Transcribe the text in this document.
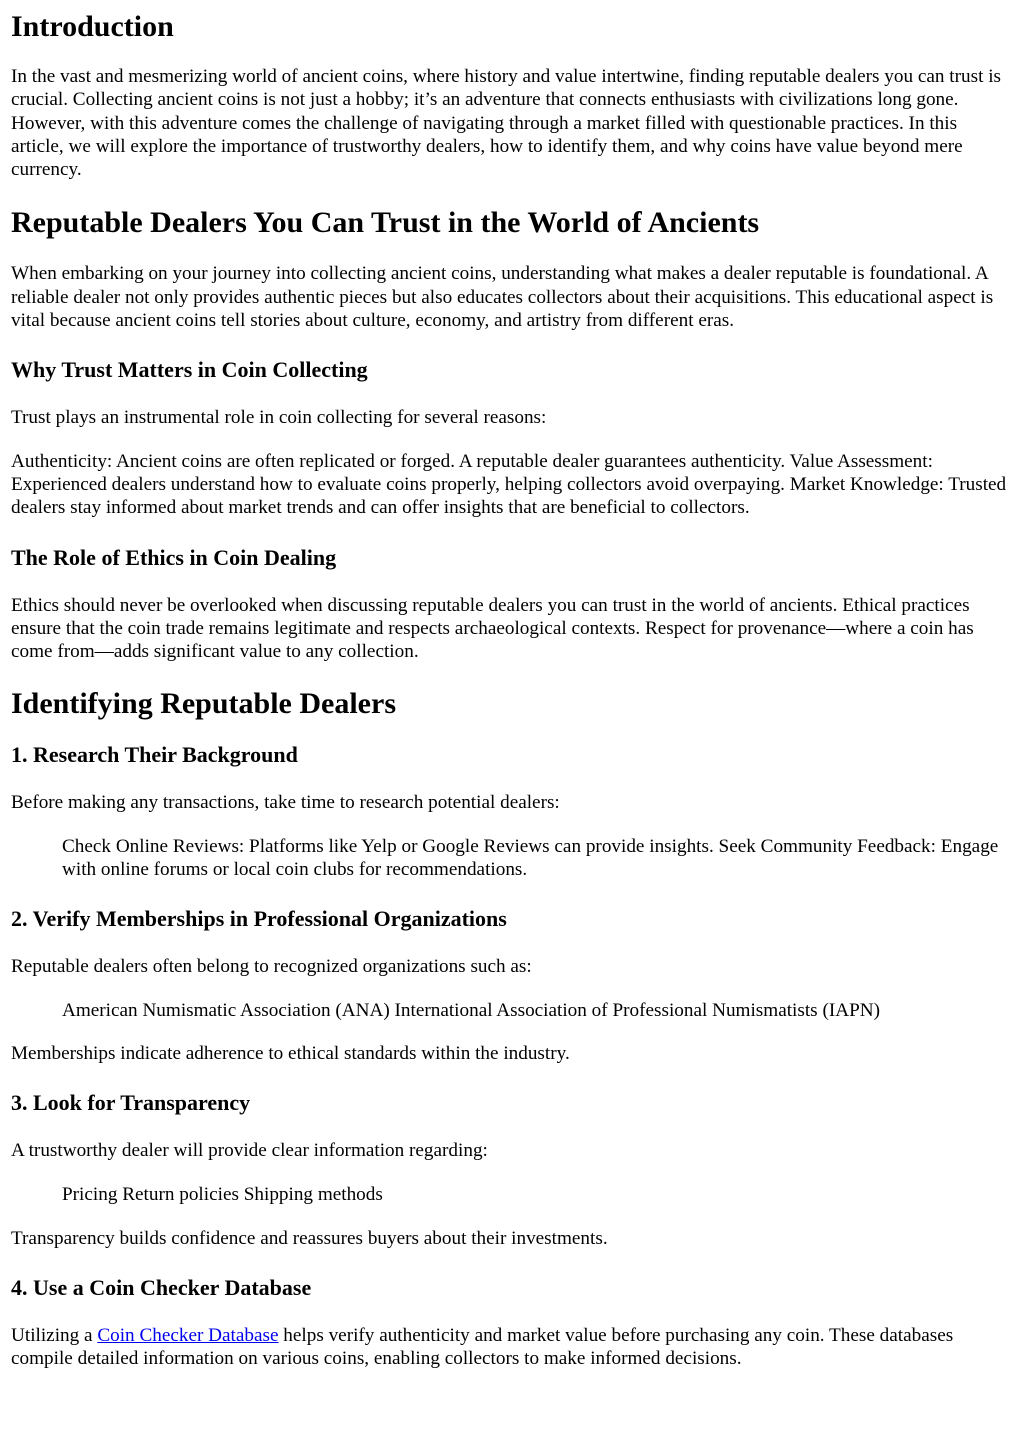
Introduction

In the vast and mesmerizing world of ancient coins, where history and value intertwine, finding reputable dealers you can trust is crucial. Collecting ancient coins is not just a hobby; it’s an adventure that connects enthusiasts with civilizations long gone. However, with this adventure comes the challenge of navigating through a market filled with questionable practices. In this article, we will explore the importance of trustworthy dealers, how to identify them, and why coins have value beyond mere currency.

Reputable Dealers You Can Trust in the World of Ancients

When embarking on your journey into collecting ancient coins, understanding what makes a dealer reputable is foundational. A reliable dealer not only provides authentic pieces but also educates collectors about their acquisitions. This educational aspect is vital because ancient coins tell stories about culture, economy, and artistry from different eras.

Why Trust Matters in Coin Collecting

Trust plays an instrumental role in coin collecting for several reasons:

Authenticity: Ancient coins are often replicated or forged. A reputable dealer guarantees authenticity. Value Assessment: Experienced dealers understand how to evaluate coins properly, helping collectors avoid overpaying. Market Knowledge: Trusted dealers stay informed about market trends and can offer insights that are beneficial to collectors.

The Role of Ethics in Coin Dealing

Ethics should never be overlooked when discussing reputable dealers you can trust in the world of ancients. Ethical practices ensure that the coin trade remains legitimate and respects archaeological contexts. Respect for provenance—where a coin has come from—adds significant value to any collection.

Identifying Reputable Dealers
1. Research Their Background

Before making any transactions, take time to research potential dealers:

Check Online Reviews: Platforms like Yelp or Google Reviews can provide insights. Seek Community Feedback: Engage with online forums or local coin clubs for recommendations.

2. Verify Memberships in Professional Organizations

Reputable dealers often belong to recognized organizations such as:

American Numismatic Association (ANA) International Association of Professional Numismatists (IAPN)

Memberships indicate adherence to ethical standards within the industry.

3. Look for Transparency

A trustworthy dealer will provide clear information regarding:

Pricing Return policies Shipping methods

Transparency builds confidence and reassures buyers about their investments.

4. Use a Coin Checker Database

Utilizing a Coin Checker Database helps verify authenticity and market value before purchasing any coin. These databases compile detailed information on various coins, enabling collectors to make informed decisions.
